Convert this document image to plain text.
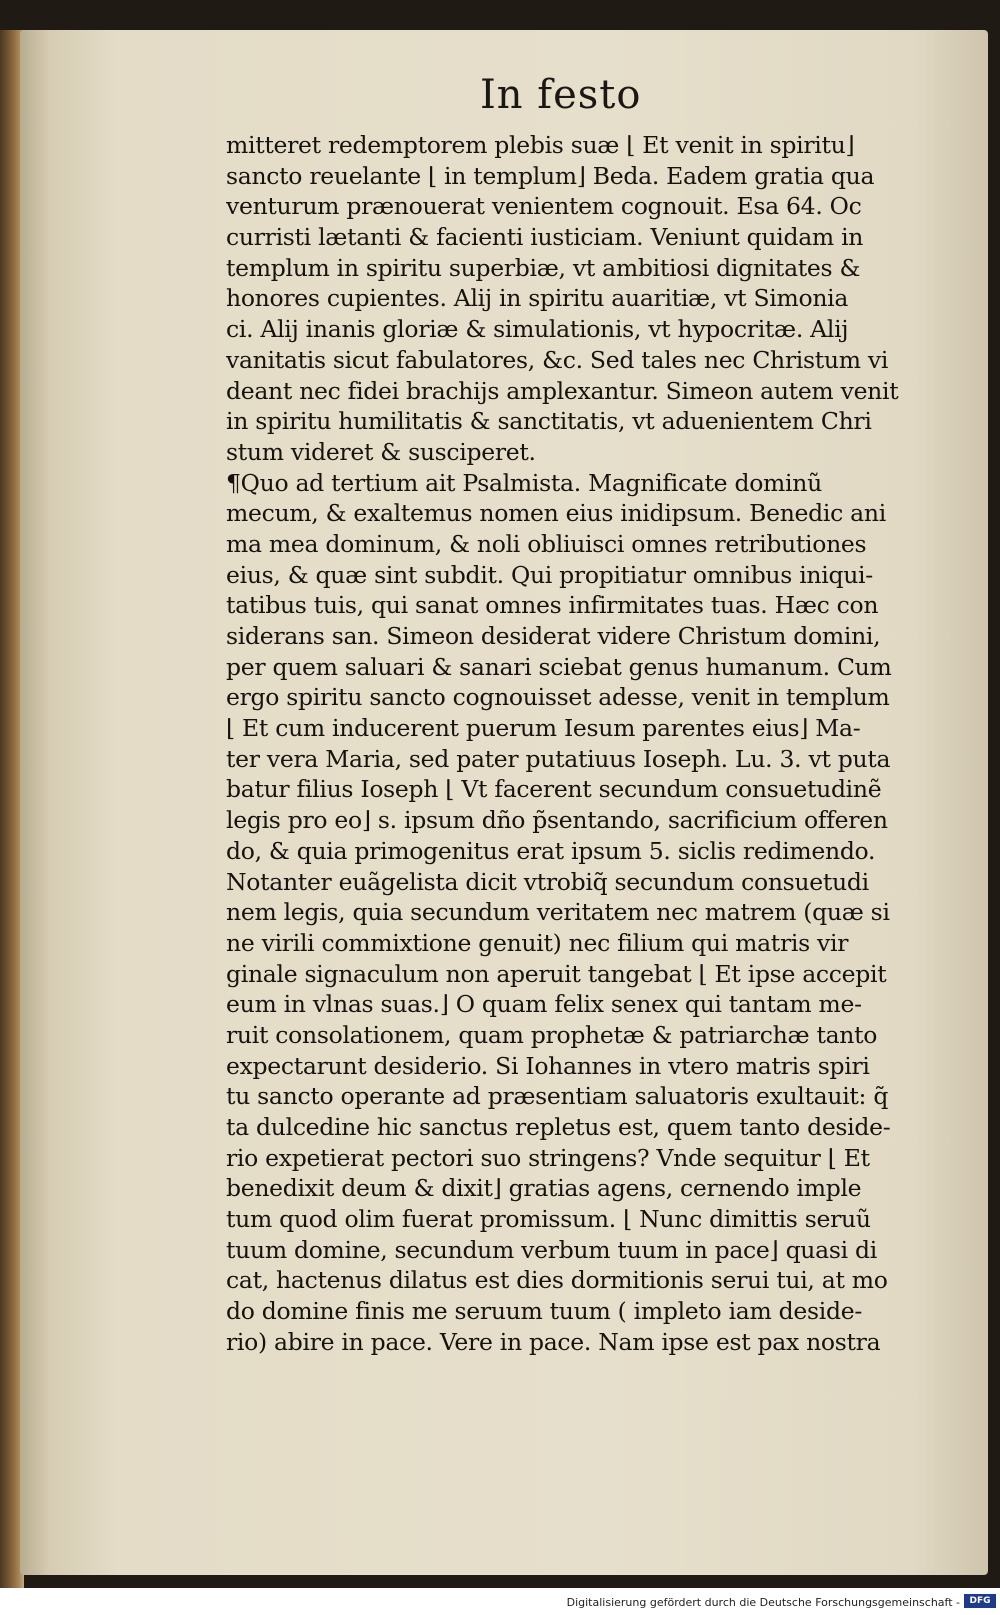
In festo
mitteret redemptorem plebis suæ ⌊ Et venit in spiritu⌋
sancto reuelante ⌊ in templum⌋ Beda. Eadem gratia qua
venturum prænouerat venientem cognouit. Esa 64. Oc
curristi lætanti & facienti iusticiam. Veniunt quidam in
templum in spiritu superbiæ, vt ambitiosi dignitates &
honores cupientes. Alij in spiritu auaritiæ, vt Simonia
ci. Alij inanis gloriæ & simulationis, vt hypocritæ. Alij
vanitatis sicut fabulatores, &c. Sed tales nec Christum vi
deant nec fidei brachijs amplexantur. Simeon autem venit
in spiritu humilitatis & sanctitatis, vt aduenientem Chri
stum videret & susciperet.
¶Quo ad tertium ait Psalmista. Magnificate dominũ
mecum, & exaltemus nomen eius inidipsum. Benedic ani
ma mea dominum, & noli obliuisci omnes retributiones
eius, & quæ sint subdit. Qui propitiatur omnibus iniqui-
tatibus tuis, qui sanat omnes infirmitates tuas. Hæc con
siderans san. Simeon desiderat videre Christum domini,
per quem saluari & sanari sciebat genus humanum. Cum
ergo spiritu sancto cognouisset adesse, venit in templum
⌊ Et cum inducerent puerum Iesum parentes eius⌋ Ma-
ter vera Maria, sed pater putatiuus Ioseph. Lu. 3. vt puta
batur filius Ioseph ⌊ Vt facerent secundum consuetudinẽ
legis pro eo⌋ s. ipsum dño p̃sentando, sacrificium offeren
do, & quia primogenitus erat ipsum 5. siclis redimendo.
Notanter euãgelista dicit vtrobiq̃ secundum consuetudi
nem legis, quia secundum veritatem nec matrem (quæ si
ne virili commixtione genuit) nec filium qui matris vir
ginale signaculum non aperuit tangebat ⌊ Et ipse accepit
eum in vlnas suas.⌋ O quam felix senex qui tantam me-
ruit consolationem, quam prophetæ & patriarchæ tanto
expectarunt desiderio. Si Iohannes in vtero matris spiri
tu sancto operante ad præsentiam saluatoris exultauit: q̃
ta dulcedine hic sanctus repletus est, quem tanto deside-
rio expetierat pectori suo stringens? Vnde sequitur ⌊ Et
benedixit deum & dixit⌋ gratias agens, cernendo imple
tum quod olim fuerat promissum. ⌊ Nunc dimittis seruũ
tuum domine, secundum verbum tuum in pace⌋ quasi di
cat, hactenus dilatus est dies dormitionis serui tui, at mo
do domine finis me seruum tuum ( impleto iam deside-
rio) abire in pace. Vere in pace. Nam ipse est pax nostra
Digitalisierung gefördert durch die Deutsche Forschungsgemeinschaft -	DFG
